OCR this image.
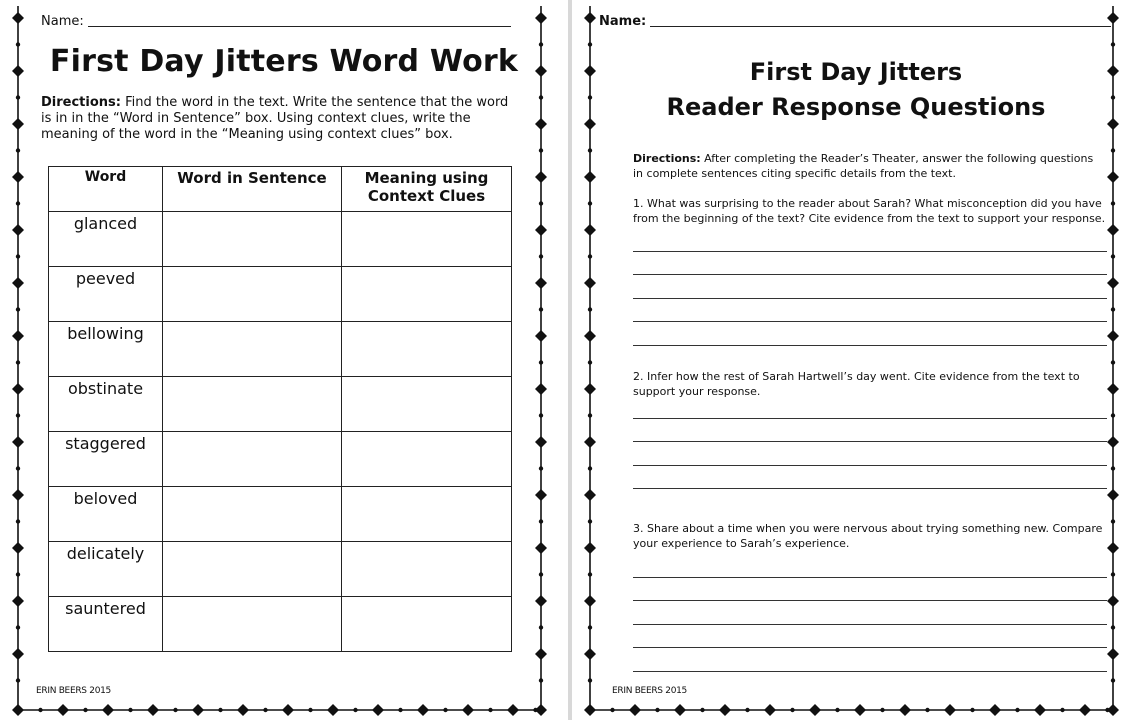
Name:
First Day Jitters Word Work
Directions: Find the word in the text. Write the sentence that the word is in in the “Word in Sentence” box. Using context clues, write the meaning of the word in the “Meaning using context clues” box.
Word	Word in Sentence	Meaning using Context Clues
glanced		
peeved		
bellowing		
obstinate		
staggered		
beloved		
delicately		
sauntered		
ERIN BEERS 2015
Name:
First Day Jitters
Reader Response Questions
Directions: After completing the Reader’s Theater, answer the following questions in complete sentences citing specific details from the text.
1. What was surprising to the reader about Sarah? What misconception did you have from the beginning of the text? Cite evidence from the text to support your response.
2. Infer how the rest of Sarah Hartwell’s day went. Cite evidence from the text to support your response.
3. Share about a time when you were nervous about trying something new. Compare your experience to Sarah’s experience.
ERIN BEERS 2015
